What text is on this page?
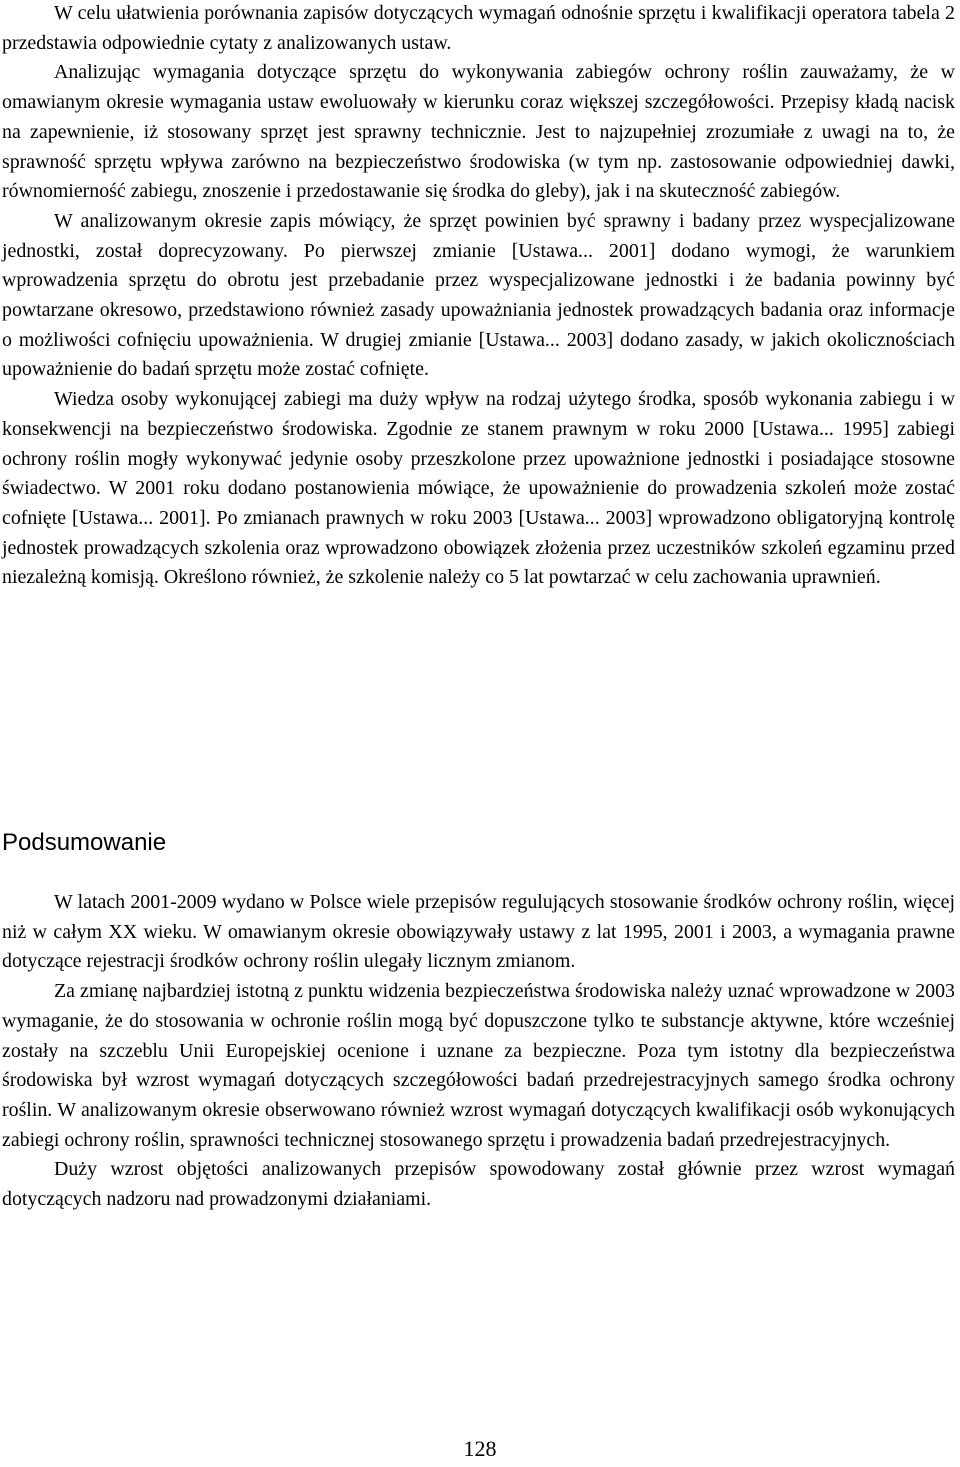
W celu ułatwienia porównania zapisów dotyczących wymagań odnośnie sprzętu i kwalifikacji operatora tabela 2 przedstawia odpowiednie cytaty z analizowanych ustaw.

Analizując wymagania dotyczące sprzętu do wykonywania zabiegów ochrony roślin zauważamy, że w omawianym okresie wymagania ustaw ewoluowały w kierunku coraz większej szczegółowości. Przepisy kładą nacisk na zapewnienie, iż stosowany sprzęt jest sprawny technicznie. Jest to najzupełniej zrozumiałe z uwagi na to, że sprawność sprzętu wpływa zarówno na bezpieczeństwo środowiska (w tym np. zastosowanie odpowiedniej dawki, równomierność zabiegu, znoszenie i przedostawanie się środka do gleby), jak i na skuteczność zabiegów.

W analizowanym okresie zapis mówiący, że sprzęt powinien być sprawny i badany przez wyspecjalizowane jednostki, został doprecyzowany. Po pierwszej zmianie [Ustawa... 2001] dodano wymogi, że warunkiem wprowadzenia sprzętu do obrotu jest przebadanie przez wyspecjalizowane jednostki i że badania powinny być powtarzane okresowo, przedstawiono również zasady upoważniania jednostek prowadzących badania oraz informacje o możliwości cofnięciu upoważnienia. W drugiej zmianie [Ustawa... 2003] dodano zasady, w jakich okolicznościach upoważnienie do badań sprzętu może zostać cofnięte.

Wiedza osoby wykonującej zabiegi ma duży wpływ na rodzaj użytego środka, sposób wykonania zabiegu i w konsekwencji na bezpieczeństwo środowiska. Zgodnie ze stanem prawnym w roku 2000 [Ustawa... 1995] zabiegi ochrony roślin mogły wykonywać jedynie osoby przeszkolone przez upoważnione jednostki i posiadające stosowne świadectwo. W 2001 roku dodano postanowienia mówiące, że upoważnienie do prowadzenia szkoleń może zostać cofnięte [Ustawa... 2001]. Po zmianach prawnych w roku 2003 [Ustawa... 2003] wprowadzono obligatoryjną kontrolę jednostek prowadzących szkolenia oraz wprowadzono obowiązek złożenia przez uczestników szkoleń egzaminu przed niezależną komisją. Określono również, że szkolenie należy co 5 lat powtarzać w celu zachowania uprawnień.

Podsumowanie

W latach 2001-2009 wydano w Polsce wiele przepisów regulujących stosowanie środków ochrony roślin, więcej niż w całym XX wieku. W omawianym okresie obowiązywały ustawy z lat 1995, 2001 i 2003, a wymagania prawne dotyczące rejestracji środków ochrony roślin ulegały licznym zmianom.

Za zmianę najbardziej istotną z punktu widzenia bezpieczeństwa środowiska należy uznać wprowadzone w 2003 wymaganie, że do stosowania w ochronie roślin mogą być dopuszczone tylko te substancje aktywne, które wcześniej zostały na szczeblu Unii Europejskiej ocenione i uznane za bezpieczne. Poza tym istotny dla bezpieczeństwa środowiska był wzrost wymagań dotyczących szczegółowości badań przedrejestracyjnych samego środka ochrony roślin. W analizowanym okresie obserwowano również wzrost wymagań dotyczących kwalifikacji osób wykonujących zabiegi ochrony roślin, sprawności technicznej stosowanego sprzętu i prowadzenia badań przedrejestracyjnych.

Duży wzrost objętości analizowanych przepisów spowodowany został głównie przez wzrost wymagań dotyczących nadzoru nad prowadzonymi działaniami.

128
